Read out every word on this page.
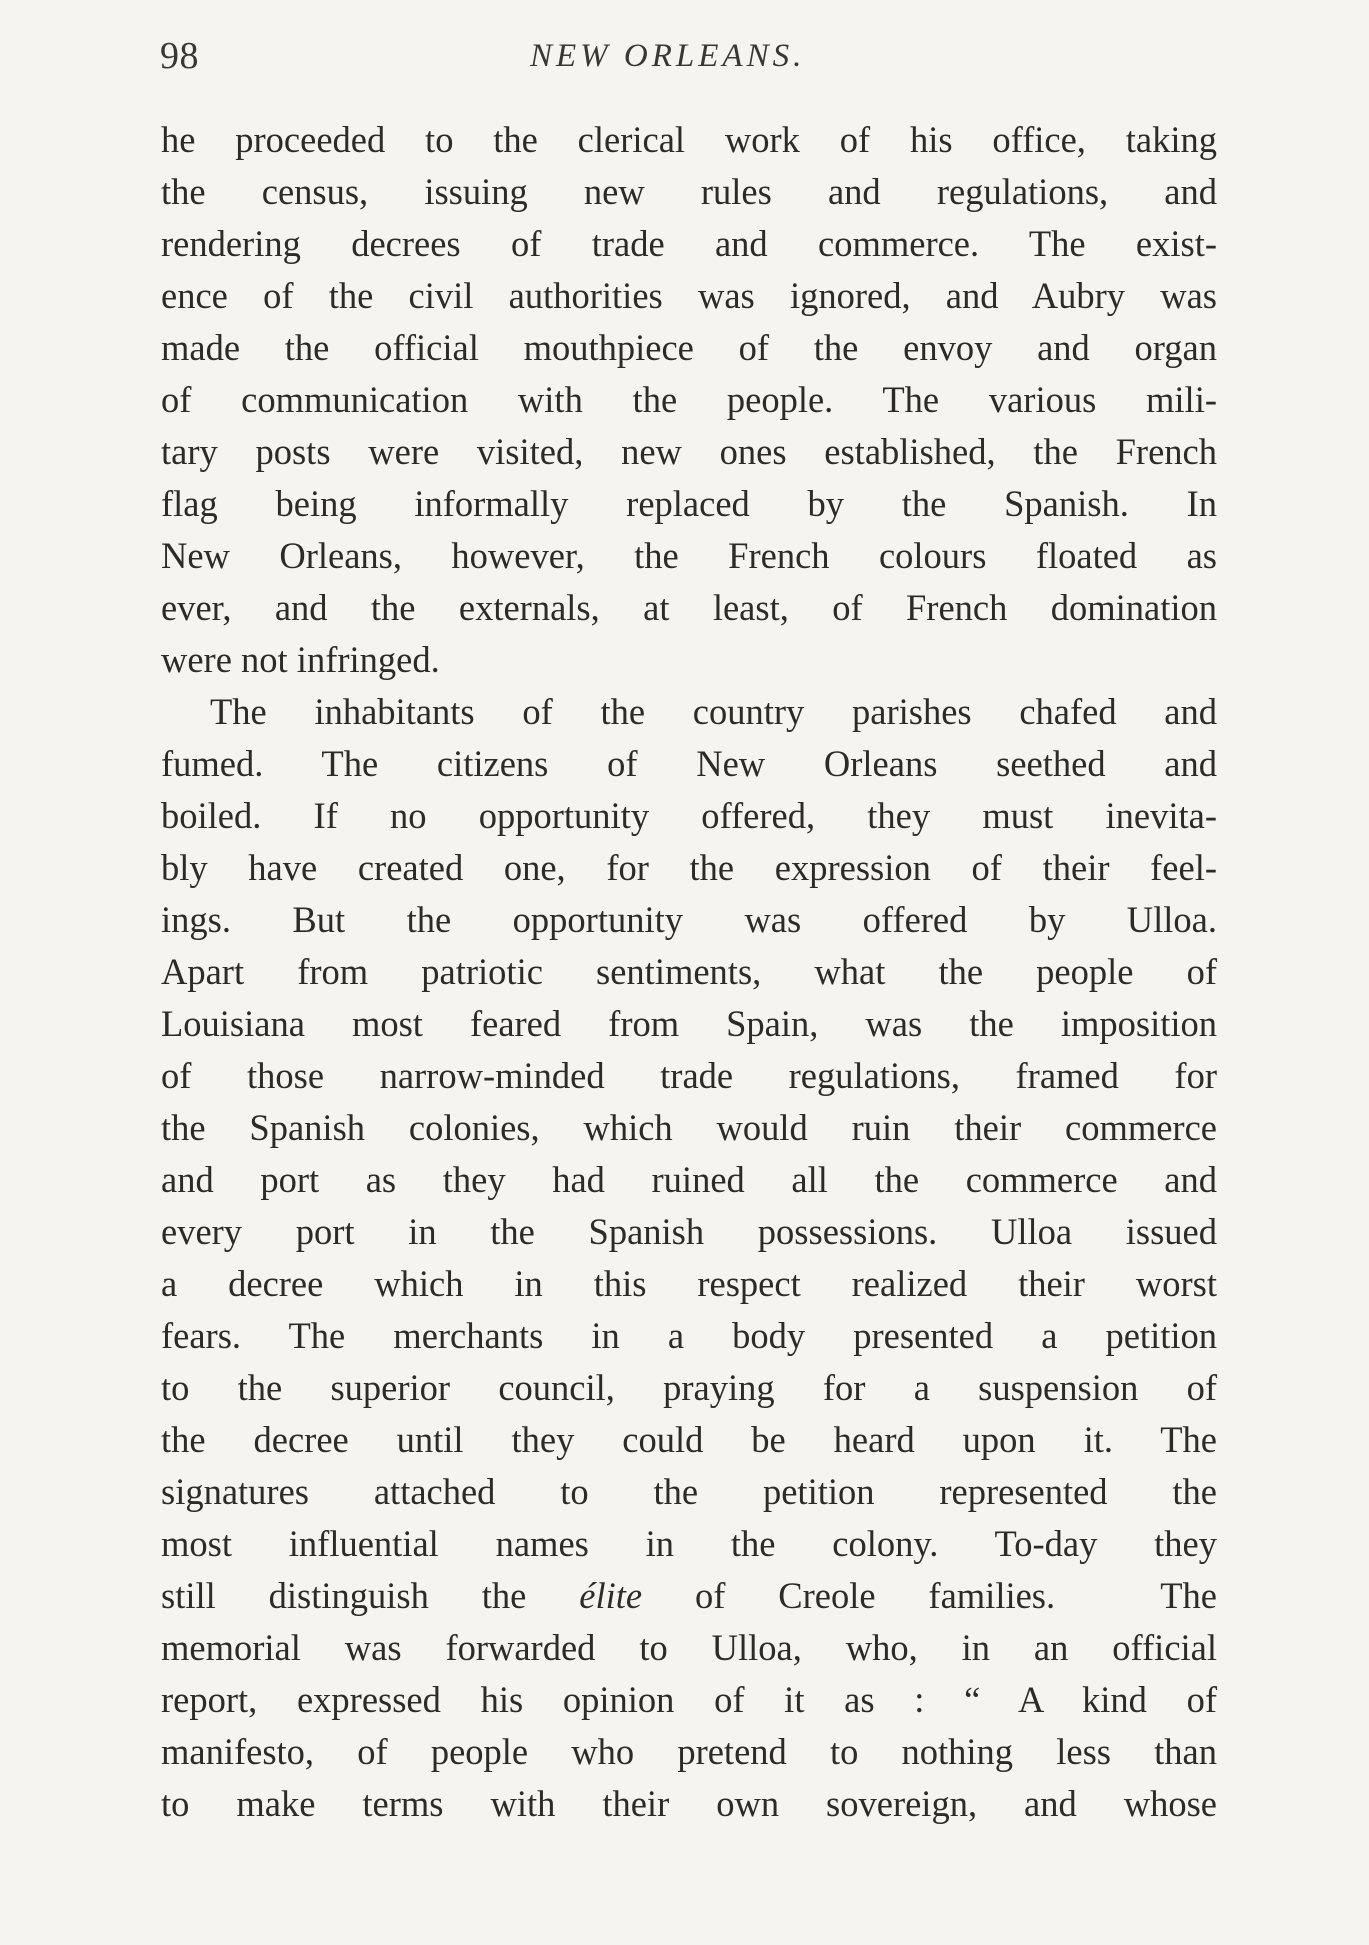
98	NEW ORLEANS.
he proceeded to the clerical work of his office, taking
the census, issuing new rules and regulations, and
rendering decrees of trade and commerce. The exist-
ence of the civil authorities was ignored, and Aubry was
made the official mouthpiece of the envoy and organ
of communication with the people. The various mili-
tary posts were visited, new ones established, the French
flag being informally replaced by the Spanish. In
New Orleans, however, the French colours floated as
ever, and the externals, at least, of French domination
were not infringed.
The inhabitants of the country parishes chafed and
fumed. The citizens of New Orleans seethed and
boiled. If no opportunity offered, they must inevita-
bly have created one, for the expression of their feel-
ings. But the opportunity was offered by Ulloa.
Apart from patriotic sentiments, what the people of
Louisiana most feared from Spain, was the imposition
of those narrow-minded trade regulations, framed for
the Spanish colonies, which would ruin their commerce
and port as they had ruined all the commerce and
every port in the Spanish possessions. Ulloa issued
a decree which in this respect realized their worst
fears. The merchants in a body presented a petition
to the superior council, praying for a suspension of
the decree until they could be heard upon it. The
signatures attached to the petition represented the
most influential names in the colony. To-day they
still distinguish the élite of Creole families.  The
memorial was forwarded to Ulloa, who, in an official
report, expressed his opinion of it as : “ A kind of
manifesto, of people who pretend to nothing less than
to make terms with their own sovereign, and whose
